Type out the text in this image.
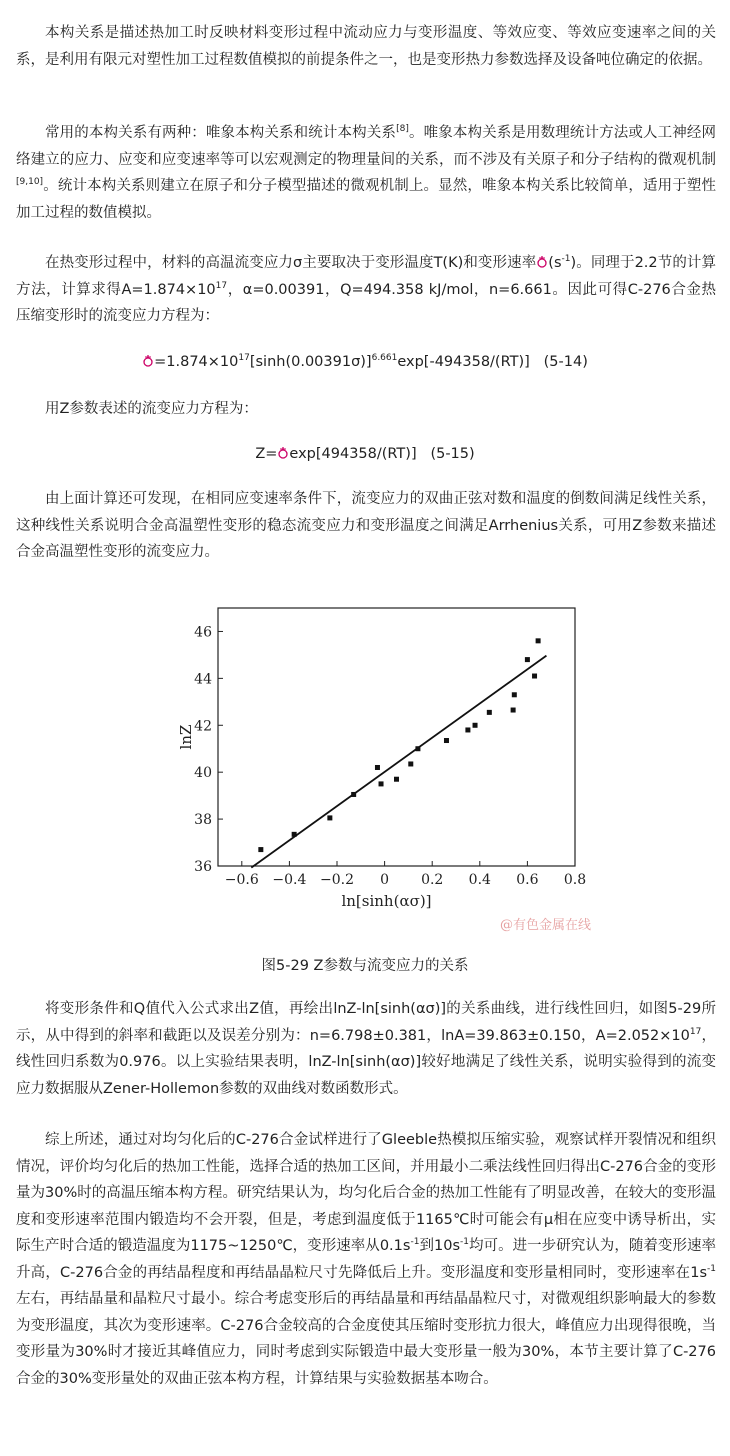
本构关系是描述热加工时反映材料变形过程中流动应力与变形温度、等效应变、等效应变速率之间的关系，是利用有限元对塑性加工过程数值模拟的前提条件之一，也是变形热力参数选择及设备吨位确定的依据。

常用的本构关系有两种：唯象本构关系和统计本构关系[8]。唯象本构关系是用数理统计方法或人工神经网络建立的应力、应变和应变速率等可以宏观测定的物理量间的关系，而不涉及有关原子和分子结构的微观机制[9,10]。统计本构关系则建立在原子和分子模型描述的微观机制上。显然，唯象本构关系比较简单，适用于塑性加工过程的数值模拟。

在热变形过程中，材料的高温流变应力σ主要取决于变形温度T(K)和变形速率 $(s^{-1})$。同理于2.2节的计算方法，计算求得$A=1.874\times 10^{17}$，α=0.00391，Q=494.358 kJ/mol，n=6.661。因此可得C-276合金热压缩变形时的流变应力方程为：

$=1.874\times 10^{17}[\sinh(0.00391\sigma)]^{6.661}\exp[-494358/(RT)]$ (5-14)

用Z参数表述的流变应力方程为：

Z= exp[494358/(RT)] (5-15)

由上面计算还可发现，在相同应变速率条件下，流变应力的双曲正弦对数和温度的倒数间满足线性关系，这种线性关系说明合金高温塑性变形的稳态流变应力和变形温度之间满足Arrhenius关系，可用Z参数来描述合金高温塑性变形的流变应力。

−0.6 −0.4 −0.2 0 0.2 0.4 0.6 0.8
36
38
40
42
44
46
ln[sinh(ασ)]
lnZ
@有色金属在线
图5-29 Z参数与流变应力的关系

将变形条件和Q值代入公式求出Z值，再绘出lnZ-ln[sinh(ασ)]的关系曲线，进行线性回归，如图5-29所示，从中得到的斜率和截距以及误差分别为：n=6.798±0.381，lnA=39.863±0.150，$A=2.052\times 10^{17}$，线性回归系数为0.976。以上实验结果表明，lnZ-ln[sinh(ασ)]较好地满足了线性关系，说明实验得到的流变应力数据服从Zener-Hollemon参数的双曲线对数函数形式。

综上所述，通过对均匀化后的C-276合金试样进行了Gleeble热模拟压缩实验，观察试样开裂情况和组织情况，评价均匀化后的热加工性能，选择合适的热加工区间，并用最小二乘法线性回归得出C-276合金的变形量为30%时的高温压缩本构方程。研究结果认为，均匀化后合金的热加工性能有了明显改善，在较大的变形温度和变形速率范围内锻造均不会开裂，但是，考虑到温度低于1165℃时可能会有μ相在应变中诱导析出，实际生产时合适的锻造温度为1175~1250℃，变形速率从$0.1s^{-1}$到$10s^{-1}$均可。进一步研究认为，随着变形速率升高，C-276合金的再结晶程度和再结晶晶粒尺寸先降低后上升。变形温度和变形量相同时，变形速率在$1s^{-1}$左右，再结晶量和晶粒尺寸最小。综合考虑变形后的再结晶量和再结晶晶粒尺寸，对微观组织影响最大的参数为变形温度，其次为变形速率。C-276合金较高的合金度使其压缩时变形抗力很大，峰值应力出现得很晚，当变形量为30%时才接近其峰值应力，同时考虑到实际锻造中最大变形量一般为30%，本节主要计算了C-276合金的30%变形量处的双曲正弦本构方程，计算结果与实验数据基本吻合。
